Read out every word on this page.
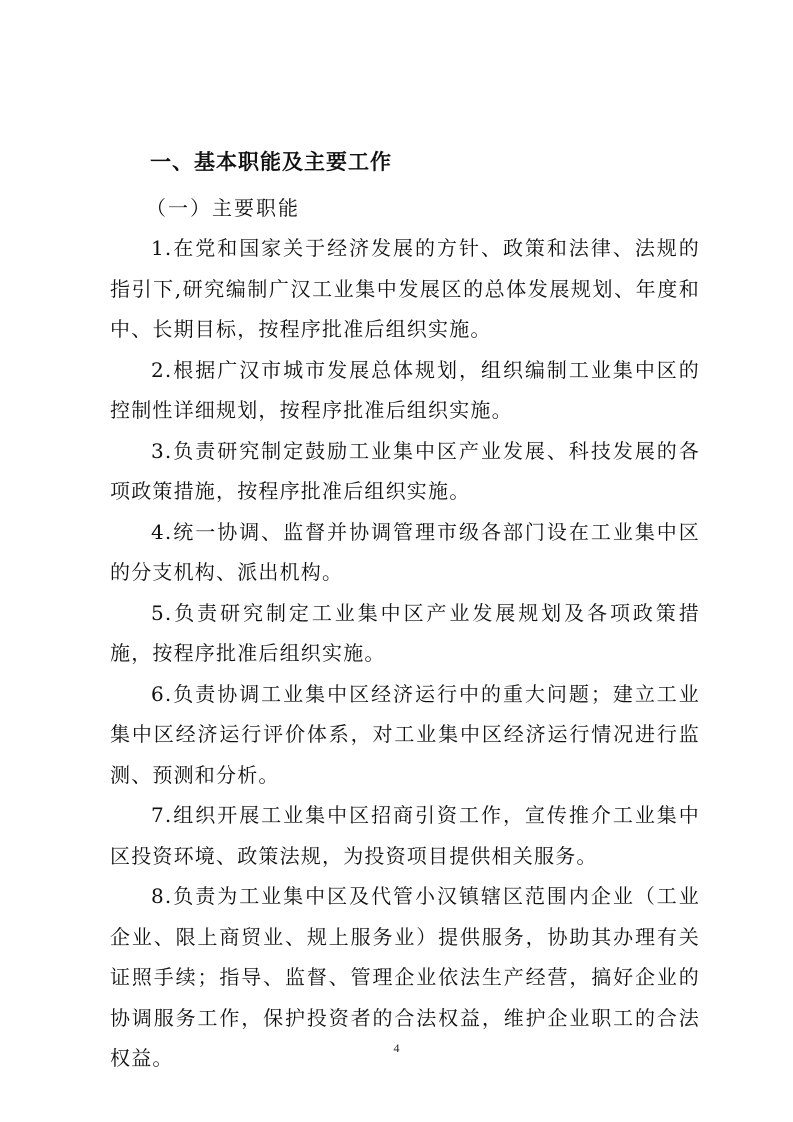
一、基本职能及主要工作
（一）主要职能

1.在党和国家关于经济发展的方针、政策和法律、法规的指引下,研究编制广汉工业集中发展区的总体发展规划、年度和中、长期目标，按程序批准后组织实施。

2.根据广汉市城市发展总体规划，组织编制工业集中区的控制性详细规划，按程序批准后组织实施。

3.负责研究制定鼓励工业集中区产业发展、科技发展的各项政策措施，按程序批准后组织实施。

4.统一协调、监督并协调管理市级各部门设在工业集中区的分支机构、派出机构。

5.负责研究制定工业集中区产业发展规划及各项政策措施，按程序批准后组织实施。

6.负责协调工业集中区经济运行中的重大问题；建立工业集中区经济运行评价体系，对工业集中区经济运行情况进行监测、预测和分析。

7.组织开展工业集中区招商引资工作，宣传推介工业集中区投资环境、政策法规，为投资项目提供相关服务。

8.负责为工业集中区及代管小汉镇辖区范围内企业（工业企业、限上商贸业、规上服务业）提供服务，协助其办理有关证照手续；指导、监督、管理企业依法生产经营，搞好企业的协调服务工作，保护投资者的合法权益，维护企业职工的合法权益。	4
